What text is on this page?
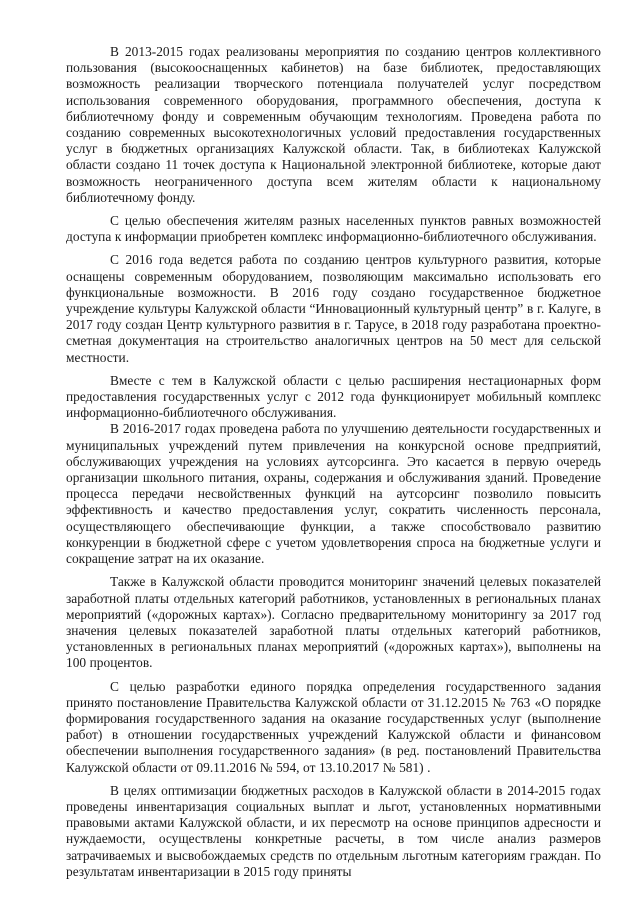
В 2013-2015 годах реализованы мероприятия по созданию центров коллективного пользования (высокооснащенных кабинетов) на базе библиотек, предоставляющих возможность реализации творческого потенциала получателей услуг посредством использования современного оборудования, программного обеспечения, доступа к библиотечному фонду и современным обучающим технологиям. Проведена работа по созданию современных высокотехнологичных условий предоставления государственных услуг в бюджетных организациях Калужской области. Так, в библиотеках Калужской области создано 11 точек доступа к Национальной электронной библиотеке, которые дают возможность неограниченного доступа всем жителям области к национальному библиотечному фонду.

С целью обеспечения жителям разных населенных пунктов равных возможностей доступа к информации приобретен комплекс информационно-библиотечного обслуживания.

С 2016 года ведется работа по созданию центров культурного развития, которые оснащены современным оборудованием, позволяющим максимально использовать его функциональные возможности. В 2016 году создано государственное бюджетное учреждение культуры Калужской области “Инновационный культурный центр” в г. Калуге, в 2017 году создан Центр культурного развития в г. Тарусе, в 2018 году разработана проектно-сметная документация на строительство аналогичных центров на 50 мест для сельской местности.

Вместе с тем в Калужской области с целью расширения нестационарных форм предоставления государственных услуг с 2012 года функционирует мобильный комплекс информационно-библиотечного обслуживания.

В 2016-2017 годах проведена работа по улучшению деятельности государственных и муниципальных учреждений путем привлечения на конкурсной основе предприятий, обслуживающих учреждения на условиях аутсорсинга. Это касается в первую очередь организации школьного питания, охраны, содержания и обслуживания зданий. Проведение процесса передачи несвойственных функций на аутсорсинг позволило повысить эффективность и качество предоставления услуг, сократить численность персонала, осуществляющего обеспечивающие функции, а также способствовало развитию конкуренции в бюджетной сфере с учетом удовлетворения спроса на бюджетные услуги и сокращение затрат на их оказание.

Также в Калужской области проводится мониторинг значений целевых показателей заработной платы отдельных категорий работников, установленных в региональных планах мероприятий («дорожных картах»). Согласно предварительному мониторингу за 2017 год значения целевых показателей заработной платы отдельных категорий работников, установленных в региональных планах мероприятий («дорожных картах»), выполнены на 100 процентов.

С целью разработки единого порядка определения государственного задания принято постановление Правительства Калужской области от 31.12.2015 № 763 «О порядке формирования государственного задания на оказание государственных услуг (выполнение работ) в отношении государственных учреждений Калужской области и финансовом обеспечении выполнения государственного задания» (в ред. постановлений Правительства Калужской области от 09.11.2016 № 594, от 13.10.2017 № 581) .

В целях оптимизации бюджетных расходов в Калужской области в 2014-2015 годах проведены инвентаризация социальных выплат и льгот, установленных нормативными правовыми актами Калужской области, и их пересмотр на основе принципов адресности и нуждаемости, осуществлены конкретные расчеты, в том числе анализ размеров затрачиваемых и высвобождаемых средств по отдельным льготным категориям граждан. По результатам инвентаризации в 2015 году приняты
